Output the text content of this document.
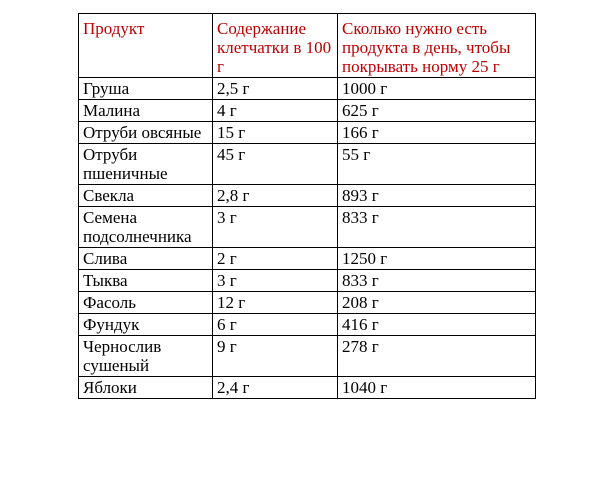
Продукт	Содержание клетчатки в 100 г	Сколько нужно есть продукта в день, чтобы покрывать норму 25 г
Груша	2,5 г	1000 г
Малина	4 г	625 г
Отруби овсяные	15 г	166 г
Отруби пшеничные	45 г	55 г
Свекла	2,8 г	893 г
Семена подсолнечника	3 г	833 г
Слива	2 г	1250 г
Тыква	3 г	833 г
Фасоль	12 г	208 г
Фундук	6 г	416 г
Чернослив сушеный	9 г	278 г
Яблоки	2,4 г	1040 г
